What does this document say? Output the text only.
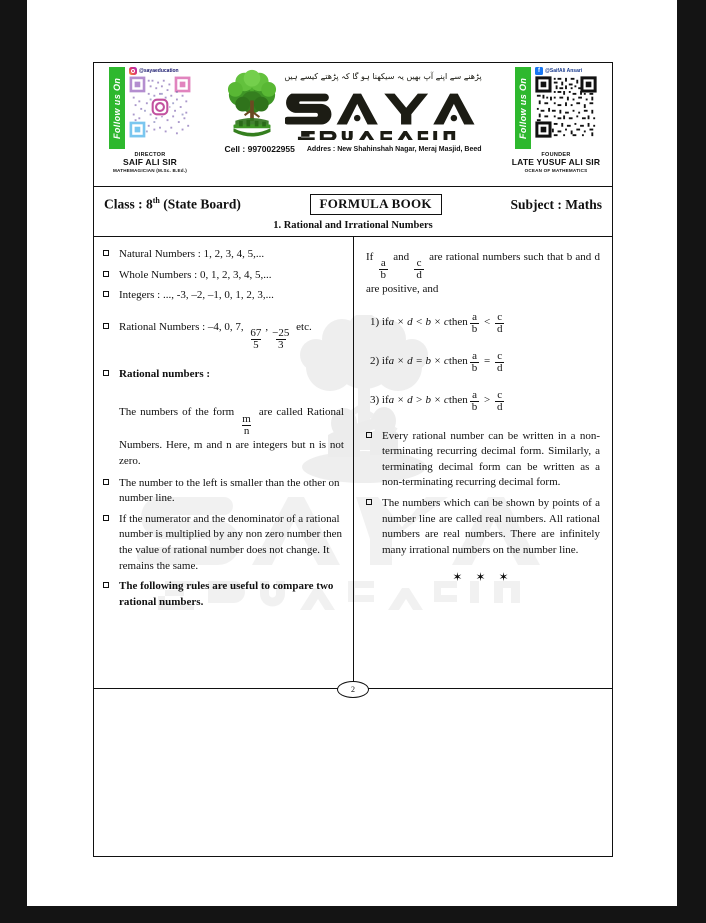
Follow us On
@sayaeducation
DIRECTOR
SAIF ALI SIR
MATHEMAGICIAN (M.Sc. B.Ed.)
پڑھنے سے اپنے آپ بھیں یہ سیکھنا ہو گا کہ پڑھتے کیسے ہیں
Cell : 9970022955 Addres : New Shahinshah Nagar, Meraj Masjid, Beed
Follow us On
f	@SaifAli Ansari
FOUNDER
LATE YUSUF ALI SIR
OCEAN OF MATHEMATICS
Class : 8th (State Board)	FORMULA BOOK	Subject : Maths
1. Rational and Irrational Numbers
Natural Numbers : 1, 2, 3, 4, 5,...
Whole Numbers : 0, 1, 2, 3, 4, 5,...
Integers : ..., -3, –2, –1, 0, 1, 2, 3,...
Rational Numbers : –4, 0, 7,
$\frac{67}{5}$
,
$\frac{-25}{3}$
etc.
Rational numbers :
The numbers of the form
$\frac{m}{n}$
are called Rational Numbers. Here, m and n are integers but n is not zero.
The number to the left is smaller than the other on number line.
If the numerator and the denominator of a rational number is multiplied by any non zero number then the value of rational number does not change. It remains the same.
The following rules are useful to compare two rational numbers.
If
$\frac{a}{b}$
and
$\frac{c}{d}$
are rational numbers such that b and d are positive, and
1)
if a × d < b × c then $\frac{a}{b}$
<
$\frac{c}{d}$
2)
if a × d = b × c then $\frac{a}{b}$
=
$\frac{c}{d}$
3)
if a × d > b × c then $\frac{a}{b}$
>
$\frac{c}{d}$
Every rational number can be written in a non-terminating recurring decimal form. Similarly, a terminating decimal form can be written as a non-terminating recurring decimal form.
The numbers which can be shown by points of a number line are called real numbers. All rational numbers are real numbers. There are infinitely many irrational numbers on the number line.
✶ ✶ ✶
2
